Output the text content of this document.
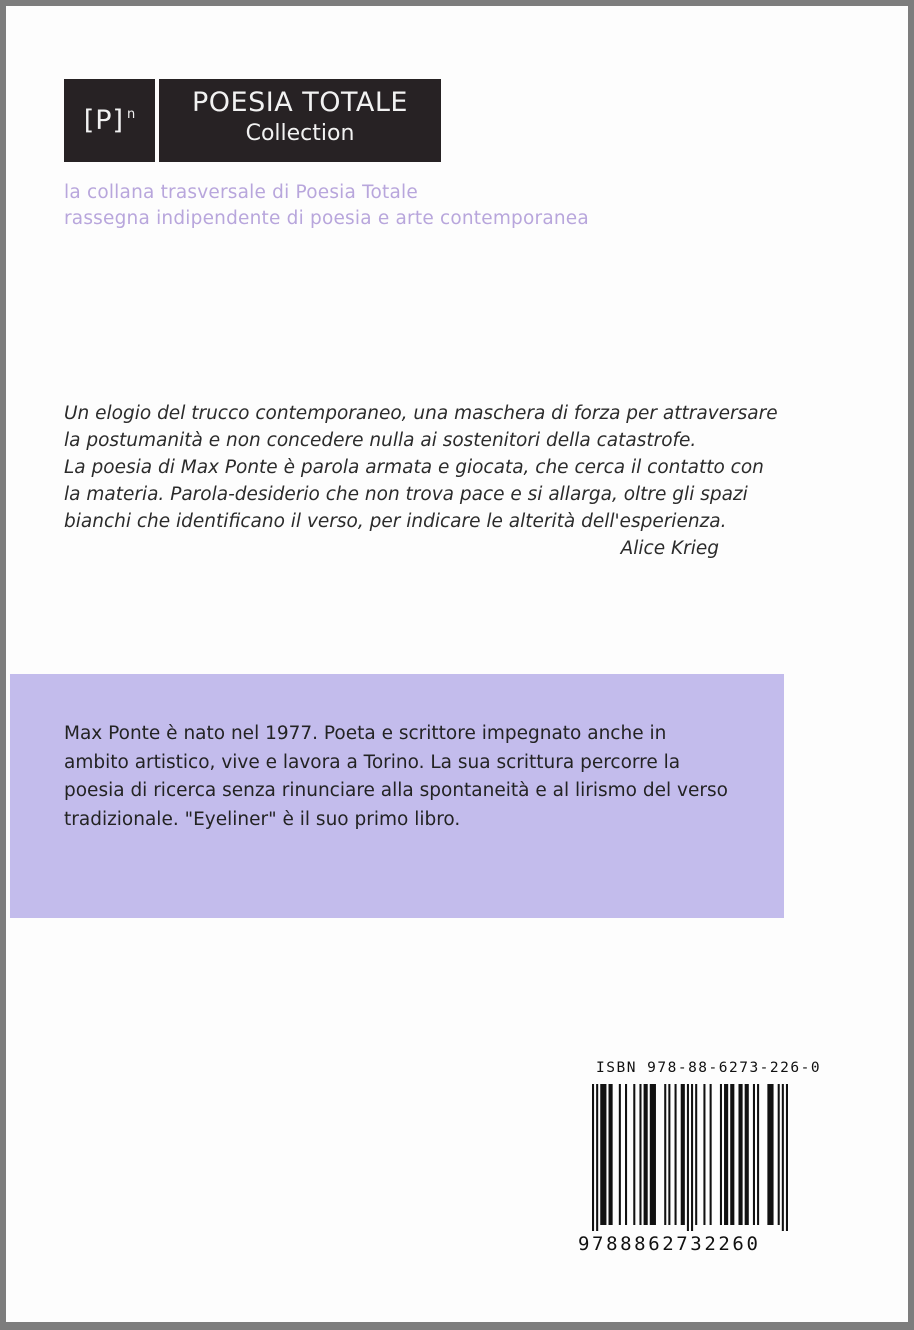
[P] n	POESIA TOTALE
Collection
la collana trasversale di Poesia Totale
rassegna indipendente di poesia e arte contemporanea
Un elogio del trucco contemporaneo, una maschera di forza per attraversare
la postumanità e non concedere nulla ai sostenitori della catastrofe.
La poesia di Max Ponte è parola armata e giocata, che cerca il contatto con
la materia. Parola-desiderio che non trova pace e si allarga, oltre gli spazi
bianchi che identificano il verso, per indicare le alterità dell'esperienza.
Alice Krieg
Max Ponte è nato nel 1977. Poeta e scrittore impegnato anche in
ambito artistico, vive e lavora a Torino. La sua scrittura percorre la
poesia di ricerca senza rinunciare alla spontaneità e al lirismo del verso
tradizionale. "Eyeliner" è il suo primo libro.
ISBN 978-88-6273-226-0
9788862732260
